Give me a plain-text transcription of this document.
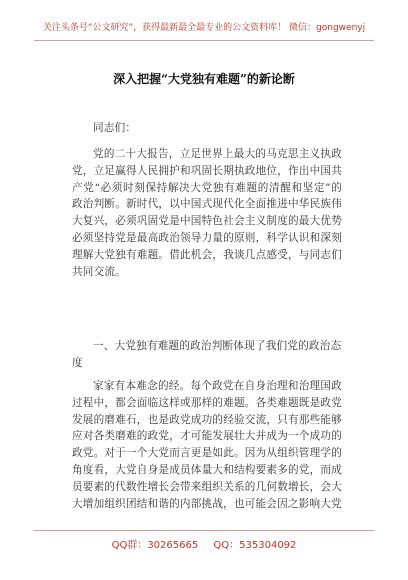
关注头条号“公文研究”，获得最新最全最专业的公文资料库！ 微信：gongwenyj
深入把握“大党独有难题”的新论断
同志们：
党的二十大报告，立足世界上最大的马克思主义执政党，立足赢得人民拥护和巩固长期执政地位，作出中国共产党“必须时刻保持解决大党独有难题的清醒和坚定”的政治判断。新时代，以中国式现代化全面推进中华民族伟大复兴，必须巩固党是中国特色社会主义制度的最大优势必须坚持党是最高政治领导力量的原则，科学认识和深刻理解大党独有难题。借此机会，我谈几点感受，与同志们共同交流。
一、大党独有难题的政治判断体现了我们党的政治态度
家家有本难念的经。每个政党在自身治理和治理国政过程中，都会面临这样或那样的难题。各类难题既是政党发展的磨难石，也是政党成功的经验交流，只有那些能够应对各类磨难的政党，才可能发展壮大并成为一个成功的政党。对于一个大党而言更是如此。因为从组织管理学的角度看，大党自身是成员体量大和结构要素多的党，而成员要素的代数性增长会带来组织关系的几何数增长，会大大增加组织团结和谐的内部挑战，也可能会因之影响大党
QQ群：30265665 QQ：535304092
